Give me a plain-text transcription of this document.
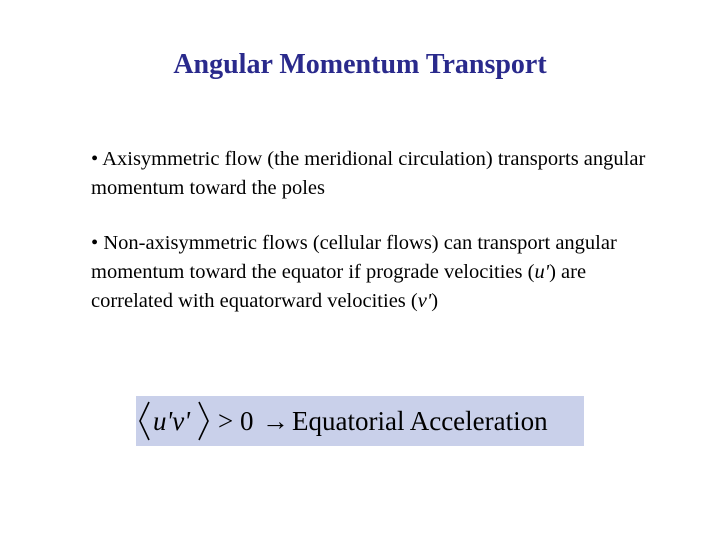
Angular Momentum Transport
• Axisymmetric flow (the meridional circulation) transports angular momentum toward the poles
• Non-axisymmetric flows (cellular flows) can transport angular momentum toward the equator if prograde velocities (u') are correlated with equatorward velocities (v')
u'v' > 0 → Equatorial Acceleration
